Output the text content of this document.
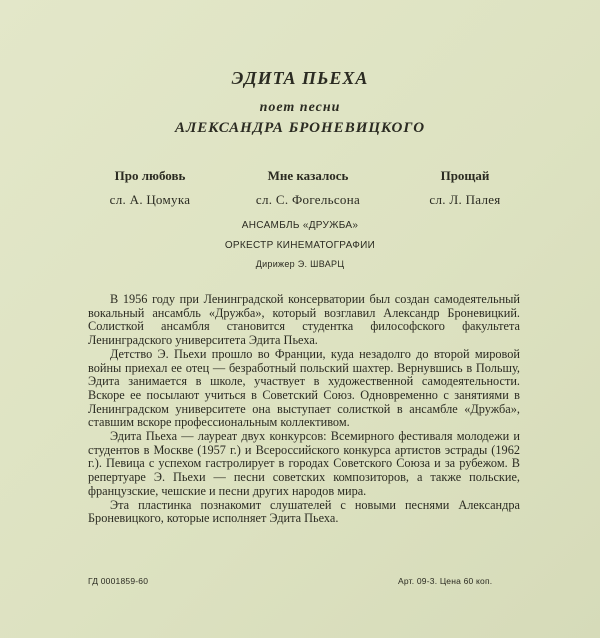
ЭДИТА ПЬЕХА
поет песни
АЛЕКСАНДРА БРОНЕВИЦКОГО
Про любовь
сл. А. Цомука
Мне казалось
сл. С. Фогельсона
Прощай
сл. Л. Палея
АНСАМБЛЬ «ДРУЖБА»
ОРКЕСТР КИНЕМАТОГРАФИИ
Дирижер Э. ШВАРЦ

В 1956 году при Ленинградской консерватории был создан самодеятельный вокальный ансамбль «Дружба», который возглавил Александр Броневицкий. Солисткой ансамбля становится студентка философского факультета Ленинградского университета Эдита Пьеха.

Детство Э. Пьехи прошло во Франции, куда незадолго до второй мировой войны приехал ее отец — безработный польский шахтер. Вернувшись в Польшу, Эдита занимается в школе, участвует в художественной самодеятельности. Вскоре ее посылают учиться в Советский Союз. Одновременно с занятиями в Ленинградском университете она выступает солисткой в ансамбле «Дружба», ставшим вскоре профессиональным коллективом.

Эдита Пьеха — лауреат двух конкурсов: Всемирного фестиваля молодежи и студентов в Москве (1957 г.) и Всероссийского конкурса артистов эстрады (1962 г.). Певица с успехом гастролирует в городах Советского Союза и за рубежом. В репертуаре Э. Пьехи — песни советских композиторов, а также польские, французские, чешские и песни других народов мира.

Эта пластинка познакомит слушателей с новыми песнями Александра Броневицкого, которые исполняет Эдита Пьеха.

ГД 0001859-60	Арт. 09-3. Цена 60 коп.
